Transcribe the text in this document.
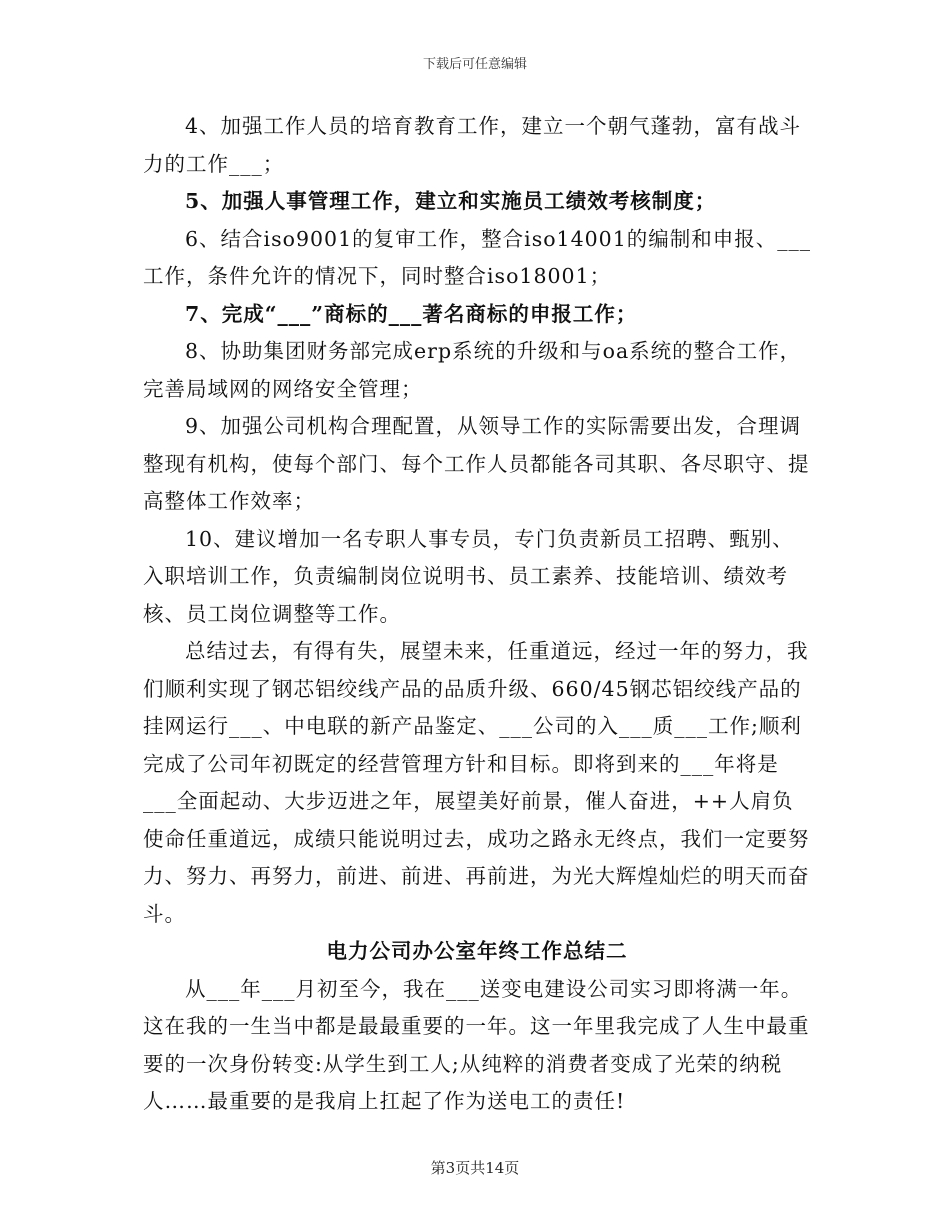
下载后可任意编辑

4、加强工作人员的培育教育工作，建立一个朝气蓬勃，富有战斗力的工作___；

5、加强人事管理工作，建立和实施员工绩效考核制度；

6、结合iso9001的复审工作，整合iso14001的编制和申报、___工作，条件允许的情况下，同时整合iso18001；

7、完成“___”商标的___著名商标的申报工作；

8、协助集团财务部完成erp系统的升级和与oa系统的整合工作，完善局域网的网络安全管理；

9、加强公司机构合理配置，从领导工作的实际需要出发，合理调整现有机构，使每个部门、每个工作人员都能各司其职、各尽职守、提高整体工作效率；

10、建议增加一名专职人事专员，专门负责新员工招聘、甄别、入职培训工作，负责编制岗位说明书、员工素养、技能培训、绩效考核、员工岗位调整等工作。

总结过去，有得有失，展望未来，任重道远，经过一年的努力，我们顺利实现了钢芯铝绞线产品的品质升级、660/45钢芯铝绞线产品的挂网运行___、中电联的新产品鉴定、___公司的入___质___工作;顺利完成了公司年初既定的经营管理方针和目标。即将到来的___年将是___全面起动、大步迈进之年，展望美好前景，催人奋进，++人肩负使命任重道远，成绩只能说明过去，成功之路永无终点，我们一定要努力、努力、再努力，前进、前进、再前进，为光大辉煌灿烂的明天而奋斗。

电力公司办公室年终工作总结二

从___年___月初至今，我在___送变电建设公司实习即将满一年。这在我的一生当中都是最最重要的一年。这一年里我完成了人生中最重要的一次身份转变:从学生到工人;从纯粹的消费者变成了光荣的纳税人……最重要的是我肩上扛起了作为送电工的责任!

第3页共14页
